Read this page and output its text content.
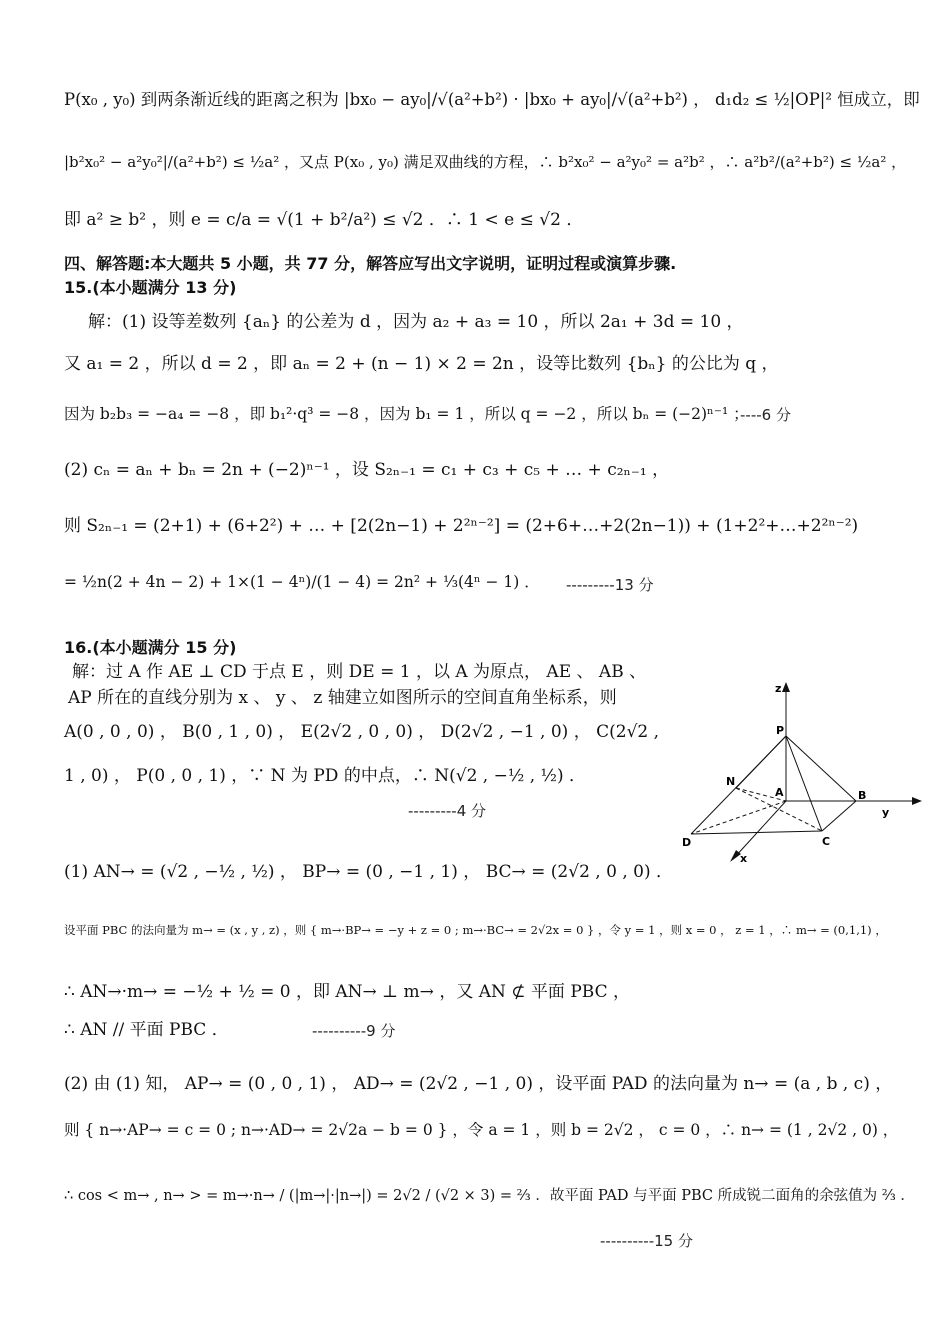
P(x₀ , y₀) 到两条渐近线的距离之积为 |bx₀ − ay₀|/√(a²+b²) · |bx₀ + ay₀|/√(a²+b²) ， d₁d₂ ≤ ½|OP|² 恒成立，即
|b²x₀² − a²y₀²|/(a²+b²) ≤ ½a² ，又点 P(x₀ , y₀) 满足双曲线的方程，∴ b²x₀² − a²y₀² = a²b² ，∴ a²b²/(a²+b²) ≤ ½a² ，
即 a² ≥ b² ，则 e = c/a = √(1 + b²/a²) ≤ √2 ．∴ 1 < e ≤ √2 ．
四、解答题:本大题共 5 小题，共 77 分，解答应写出文字说明，证明过程或演算步骤.
15.(本小题满分 13 分)
解：(1) 设等差数列 {aₙ} 的公差为 d ，因为 a₂ + a₃ = 10 ，所以 2a₁ + 3d = 10 ，
又 a₁ = 2 ，所以 d = 2 ，即 aₙ = 2 + (n − 1) × 2 = 2n ，设等比数列 {bₙ} 的公比为 q ，
因为 b₂b₃ = −a₄ = −8 ，即 b₁²·q³ = −8 ，因为 b₁ = 1 ，所以 q = −2 ，所以 bₙ = (−2)ⁿ⁻¹ ；
----6 分
(2) cₙ = aₙ + bₙ = 2n + (−2)ⁿ⁻¹ ，设 S₂ₙ₋₁ = c₁ + c₃ + c₅ + … + c₂ₙ₋₁ ，
则 S₂ₙ₋₁ = (2+1) + (6+2²) + … + [2(2n−1) + 2²ⁿ⁻²] = (2+6+…+2(2n−1)) + (1+2²+…+2²ⁿ⁻²)
= ½n(2 + 4n − 2) + 1×(1 − 4ⁿ)/(1 − 4) = 2n² + ⅓(4ⁿ − 1) ．	---------13 分
16.(本小题满分 15 分)
解：过 A 作 AE ⊥ CD 于点 E ，则 DE = 1 ，以 A 为原点， AE 、 AB 、
AP 所在的直线分别为 x 、 y 、 z 轴建立如图所示的空间直角坐标系，则
A(0 , 0 , 0) ， B(0 , 1 , 0) ， E(2√2 , 0 , 0) ， D(2√2 , −1 , 0) ， C(2√2 ,
1 , 0) ， P(0 , 0 , 1) ，∵ N 为 PD 的中点，∴ N(√2 , −½ , ½) ．
---------4 分
z
P
N
A	B
y
D	C
x
(1) AN→ = (√2 , −½ , ½) ， BP→ = (0 , −1 , 1) ， BC→ = (2√2 , 0 , 0) ．
设平面 PBC 的法向量为 m→ = (x , y , z) ，则 { m→·BP→ = −y + z = 0 ; m→·BC→ = 2√2x = 0 } ，令 y = 1 ，则 x = 0 ， z = 1 ，∴ m→ = (0,1,1) ，
∴ AN→·m→ = −½ + ½ = 0 ，即 AN→ ⊥ m→ ，又 AN ⊄ 平面 PBC ，
∴ AN // 平面 PBC ．	----------9 分
(2) 由 (1) 知， AP→ = (0 , 0 , 1) ， AD→ = (2√2 , −1 , 0) ，设平面 PAD 的法向量为 n→ = (a , b , c) ，
则 { n→·AP→ = c = 0 ; n→·AD→ = 2√2a − b = 0 } ，令 a = 1 ，则 b = 2√2 ， c = 0 ，∴ n→ = (1 , 2√2 , 0) ，
∴ cos < m→ , n→ > = m→·n→ / (|m→|·|n→|) = 2√2 / (√2 × 3) = ⅔ ．故平面 PAD 与平面 PBC 所成锐二面角的余弦值为 ⅔ ．
----------15 分
